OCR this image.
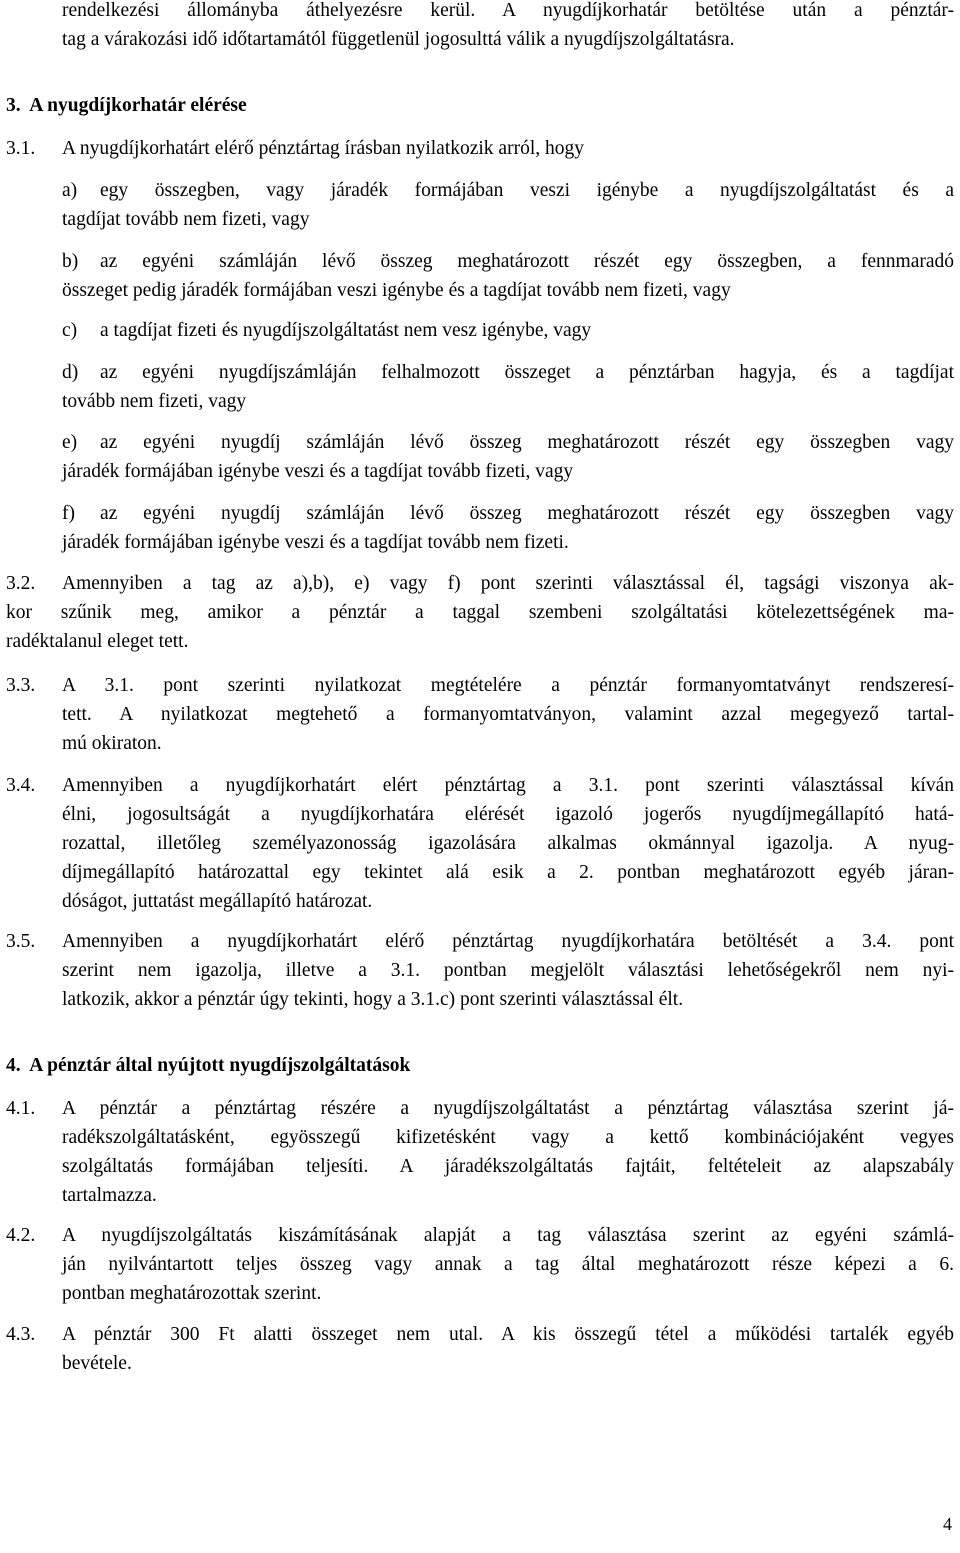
rendelkezési állományba áthelyezésre kerül. A nyugdíjkorhatár betöltése után a pénztár-
tag a várakozási idő időtartamától függetlenül jogosulttá válik a nyugdíjszolgáltatásra.
3.  A nyugdíjkorhatár elérése
3.1. A nyugdíjkorhatárt elérő pénztártag írásban nyilatkozik arról, hogy
a)	egy összegben, vagy járadék formájában veszi igénybe a nyugdíjszolgáltatást és a
tagdíjat tovább nem fizeti, vagy
b)	az egyéni számláján lévő összeg meghatározott részét egy összegben, a fennmaradó
összeget pedig járadék formájában veszi igénybe és a tagdíjat tovább nem fizeti, vagy
c)	a tagdíjat fizeti és nyugdíjszolgáltatást nem vesz igénybe, vagy
d)	az egyéni nyugdíjszámláján felhalmozott összeget a pénztárban hagyja, és a tagdíjat
tovább nem fizeti, vagy
e)	az egyéni nyugdíj számláján lévő összeg meghatározott részét egy összegben vagy
járadék formájában igénybe veszi és a tagdíjat tovább fizeti, vagy
f)	az egyéni nyugdíj számláján lévő összeg meghatározott részét egy összegben vagy
járadék formájában igénybe veszi és a tagdíjat tovább nem fizeti.
3.2. Amennyiben a tag az a),b), e) vagy f) pont szerinti választással él, tagsági viszonya ak-
kor szűnik meg, amikor a pénztár a taggal szembeni szolgáltatási kötelezettségének ma-
radéktalanul eleget tett.
3.3. A 3.1. pont szerinti nyilatkozat megtételére a pénztár formanyomtatványt rendszeresí-
tett. A nyilatkozat megtehető a formanyomtatványon, valamint azzal megegyező tartal-
mú okiraton.
3.4. Amennyiben a nyugdíjkorhatárt elért pénztártag a 3.1. pont szerinti választással kíván
élni, jogosultságát a nyugdíjkorhatára elérését igazoló jogerős nyugdíjmegállapító hatá-
rozattal, illetőleg személyazonosság igazolására alkalmas okmánnyal igazolja. A nyug-
díjmegállapító határozattal egy tekintet alá esik a 2. pontban meghatározott egyéb járan-
dóságot, juttatást megállapító határozat.
3.5. Amennyiben a nyugdíjkorhatárt elérő pénztártag nyugdíjkorhatára betöltését a 3.4. pont
szerint nem igazolja, illetve a 3.1. pontban megjelölt választási lehetőségekről nem nyi-
latkozik, akkor a pénztár úgy tekinti, hogy a 3.1.c) pont szerinti választással élt.
4.  A pénztár által nyújtott nyugdíjszolgáltatások
4.1. A pénztár a pénztártag részére a nyugdíjszolgáltatást a pénztártag választása szerint já-
radékszolgáltatásként, egyösszegű kifizetésként vagy a kettő kombinációjaként vegyes
szolgáltatás formájában teljesíti. A járadékszolgáltatás fajtáit, feltételeit az alapszabály
tartalmazza.
4.2. A nyugdíjszolgáltatás kiszámításának alapját a tag választása szerint az egyéni számlá-
ján nyilvántartott teljes összeg vagy annak a tag által meghatározott része képezi a 6.
pontban meghatározottak szerint.
4.3. A pénztár 300 Ft alatti összeget nem utal. A kis összegű tétel a működési tartalék egyéb
bevétele.
4
